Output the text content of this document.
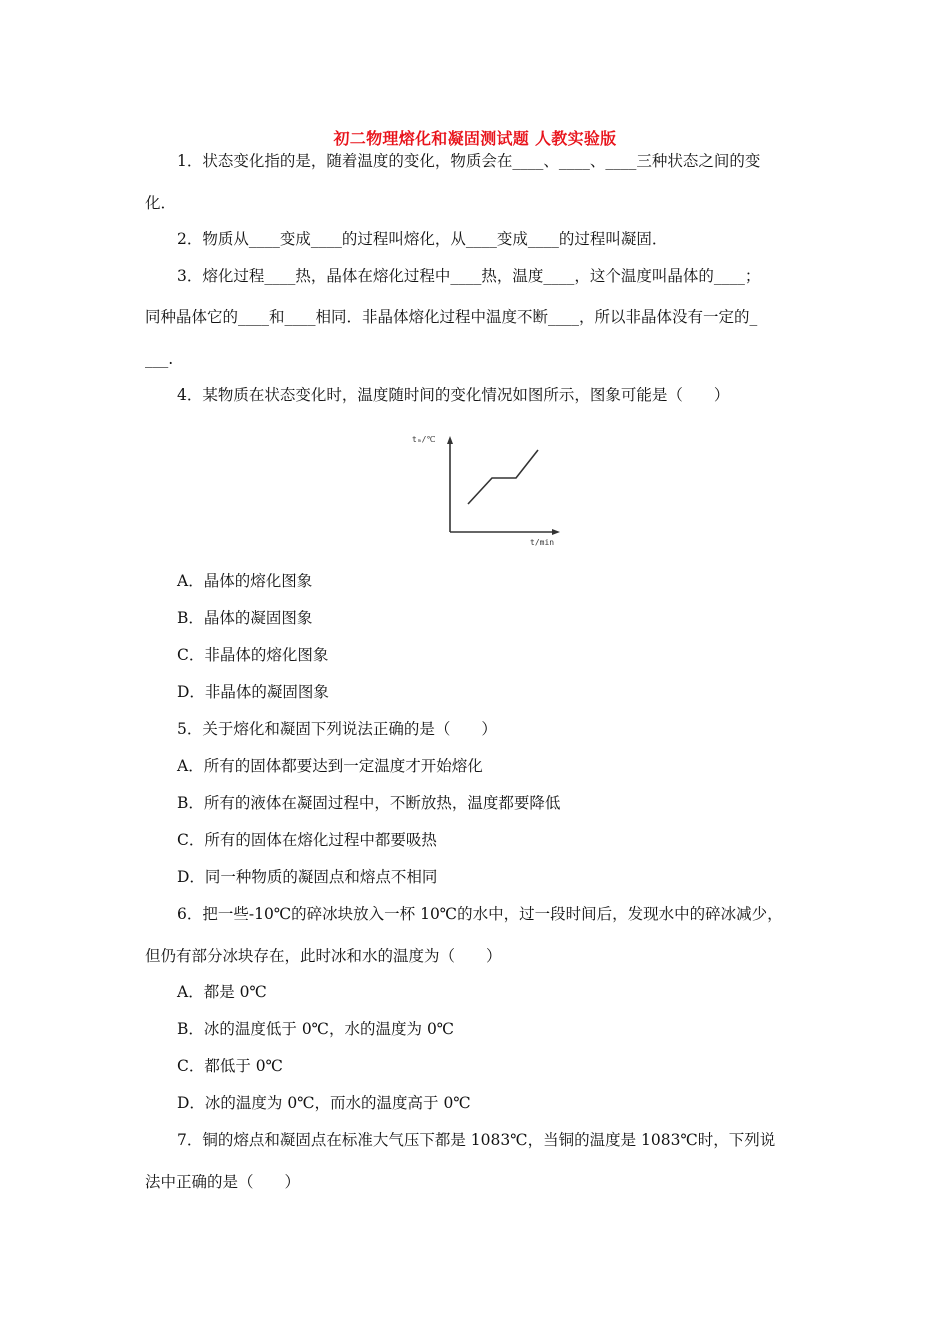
初二物理熔化和凝固测试题 人教实验版
1．状态变化指的是，随着温度的变化，物质会在____、____、____三种状态之间的变
化．
2．物质从____变成____的过程叫熔化，从____变成____的过程叫凝固．
3．熔化过程____热，晶体在熔化过程中____热，温度____，这个温度叫晶体的____；
同种晶体它的____和____相同．非晶体熔化过程中温度不断____，所以非晶体没有一定的_
___.
4．某物质在状态变化时，温度随时间的变化情况如图所示，图象可能是（　　）
tₘ/℃
t/min
A．晶体的熔化图象
B．晶体的凝固图象
C．非晶体的熔化图象
D．非晶体的凝固图象
5．关于熔化和凝固下列说法正确的是（　　）
A．所有的固体都要达到一定温度才开始熔化
B．所有的液体在凝固过程中，不断放热，温度都要降低
C．所有的固体在熔化过程中都要吸热
D．同一种物质的凝固点和熔点不相同
6．把一些-10℃的碎冰块放入一杯 10℃的水中，过一段时间后，发现水中的碎冰减少，
但仍有部分冰块存在，此时冰和水的温度为（　　）
A．都是 0℃
B．冰的温度低于 0℃，水的温度为 0℃
C．都低于 0℃
D．冰的温度为 0℃，而水的温度高于 0℃
7．铜的熔点和凝固点在标准大气压下都是 1083℃，当铜的温度是 1083℃时，下列说
法中正确的是（　　）
